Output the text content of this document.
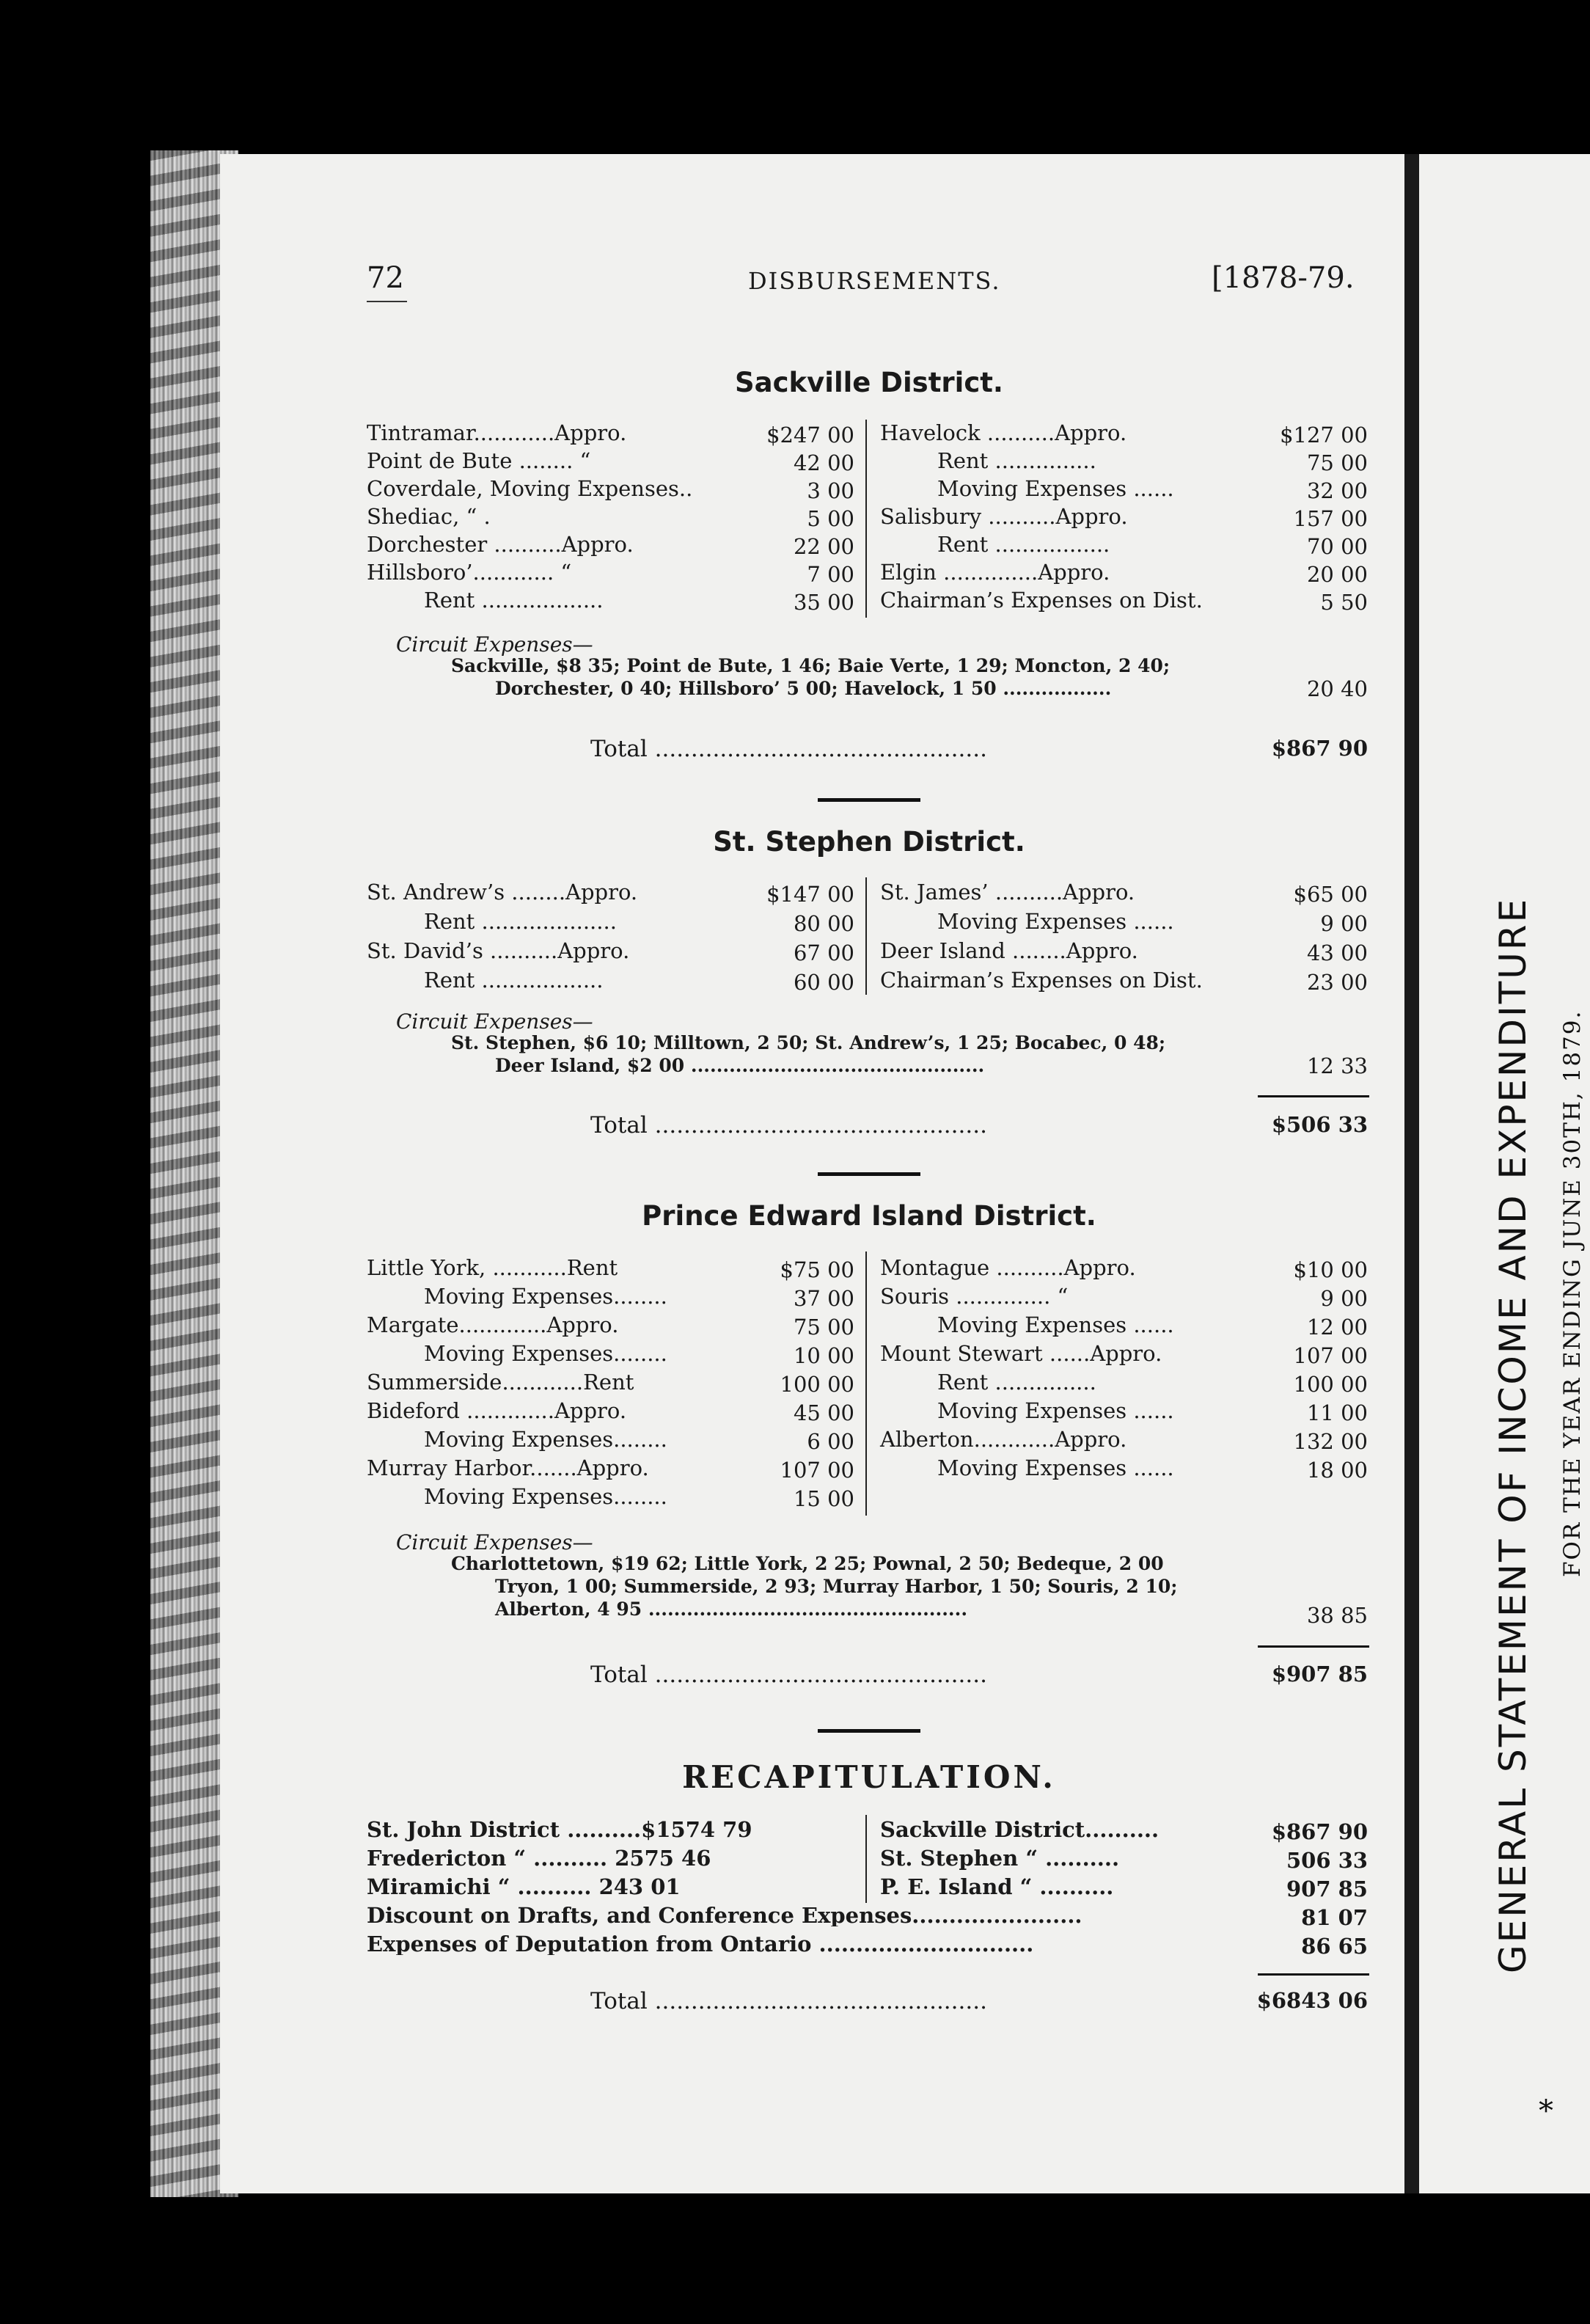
GENERAL STATEMENT OF INCOME AND EXPENDITURE FOR THE YEAR ENDING JUNE 30TH, 1879.
*
72	DISBURSEMENTS.	[1878-79.
Sackville District.
Tintramar............Appro.	$247 00
Point de Bute ........ “	42 00
Coverdale, Moving Expenses..	3 00
Shediac, “ .	5 00
Dorchester ..........Appro.	22 00
Hillsboro’............ “	7 00
Rent ..................	35 00
Havelock ..........Appro.	$127 00
Rent ...............	75 00
Moving Expenses ......	32 00
Salisbury ..........Appro.	157 00
Rent .................	70 00
Elgin ..............Appro.	20 00
Chairman’s Expenses on Dist.	5 50
Circuit Expenses—
Sackville, $8 35; Point de Bute, 1 46; Baie Verte, 1 29; Moncton, 2 40;
Dorchester, 0 40; Hillsboro’ 5 00; Havelock, 1 50 .................	20 40
Total ..............................................	$867 90
St. Stephen District.
St. Andrew’s ........Appro.	$147 00
Rent ....................	80 00
St. David’s ..........Appro.	67 00
Rent ..................	60 00
St. James’ ..........Appro.	$65 00
Moving Expenses ......	9 00
Deer Island ........Appro.	43 00
Chairman’s Expenses on Dist.	23 00
Circuit Expenses—
St. Stephen, $6 10; Milltown, 2 50; St. Andrew’s, 1 25; Bocabec, 0 48;
Deer Island, $2 00 ..............................................	12 33
Total ..............................................	$506 33
Prince Edward Island District.
Little York, ...........Rent	$75 00
Moving Expenses........	37 00
Margate.............Appro.	75 00
Moving Expenses........	10 00
Summerside............Rent	100 00
Bideford .............Appro.	45 00
Moving Expenses........	6 00
Murray Harbor.......Appro.	107 00
Moving Expenses........	15 00
Montague ..........Appro.	$10 00
Souris .............. “	9 00
Moving Expenses ......	12 00
Mount Stewart ......Appro.	107 00
Rent ...............	100 00
Moving Expenses ......	11 00
Alberton............Appro.	132 00
Moving Expenses ......	18 00
Circuit Expenses—
Charlottetown, $19 62; Little York, 2 25; Pownal, 2 50; Bedeque, 2 00
Tryon, 1 00; Summerside, 2 93; Murray Harbor, 1 50; Souris, 2 10;
Alberton, 4 95 ..................................................	38 85
Total ..............................................	$907 85
RECAPITULATION.
St. John District ..........$1574 79
Fredericton “ .......... 2575 46
Miramichi “ .......... 243 01
Sackville District..........	$867 90
St. Stephen “ ..........	506 33
P. E. Island “ ..........	907 85
Discount on Drafts, and Conference Expenses.......................	81 07
Expenses of Deputation from Ontario .............................	86 65
Total ..............................................	$6843 06
